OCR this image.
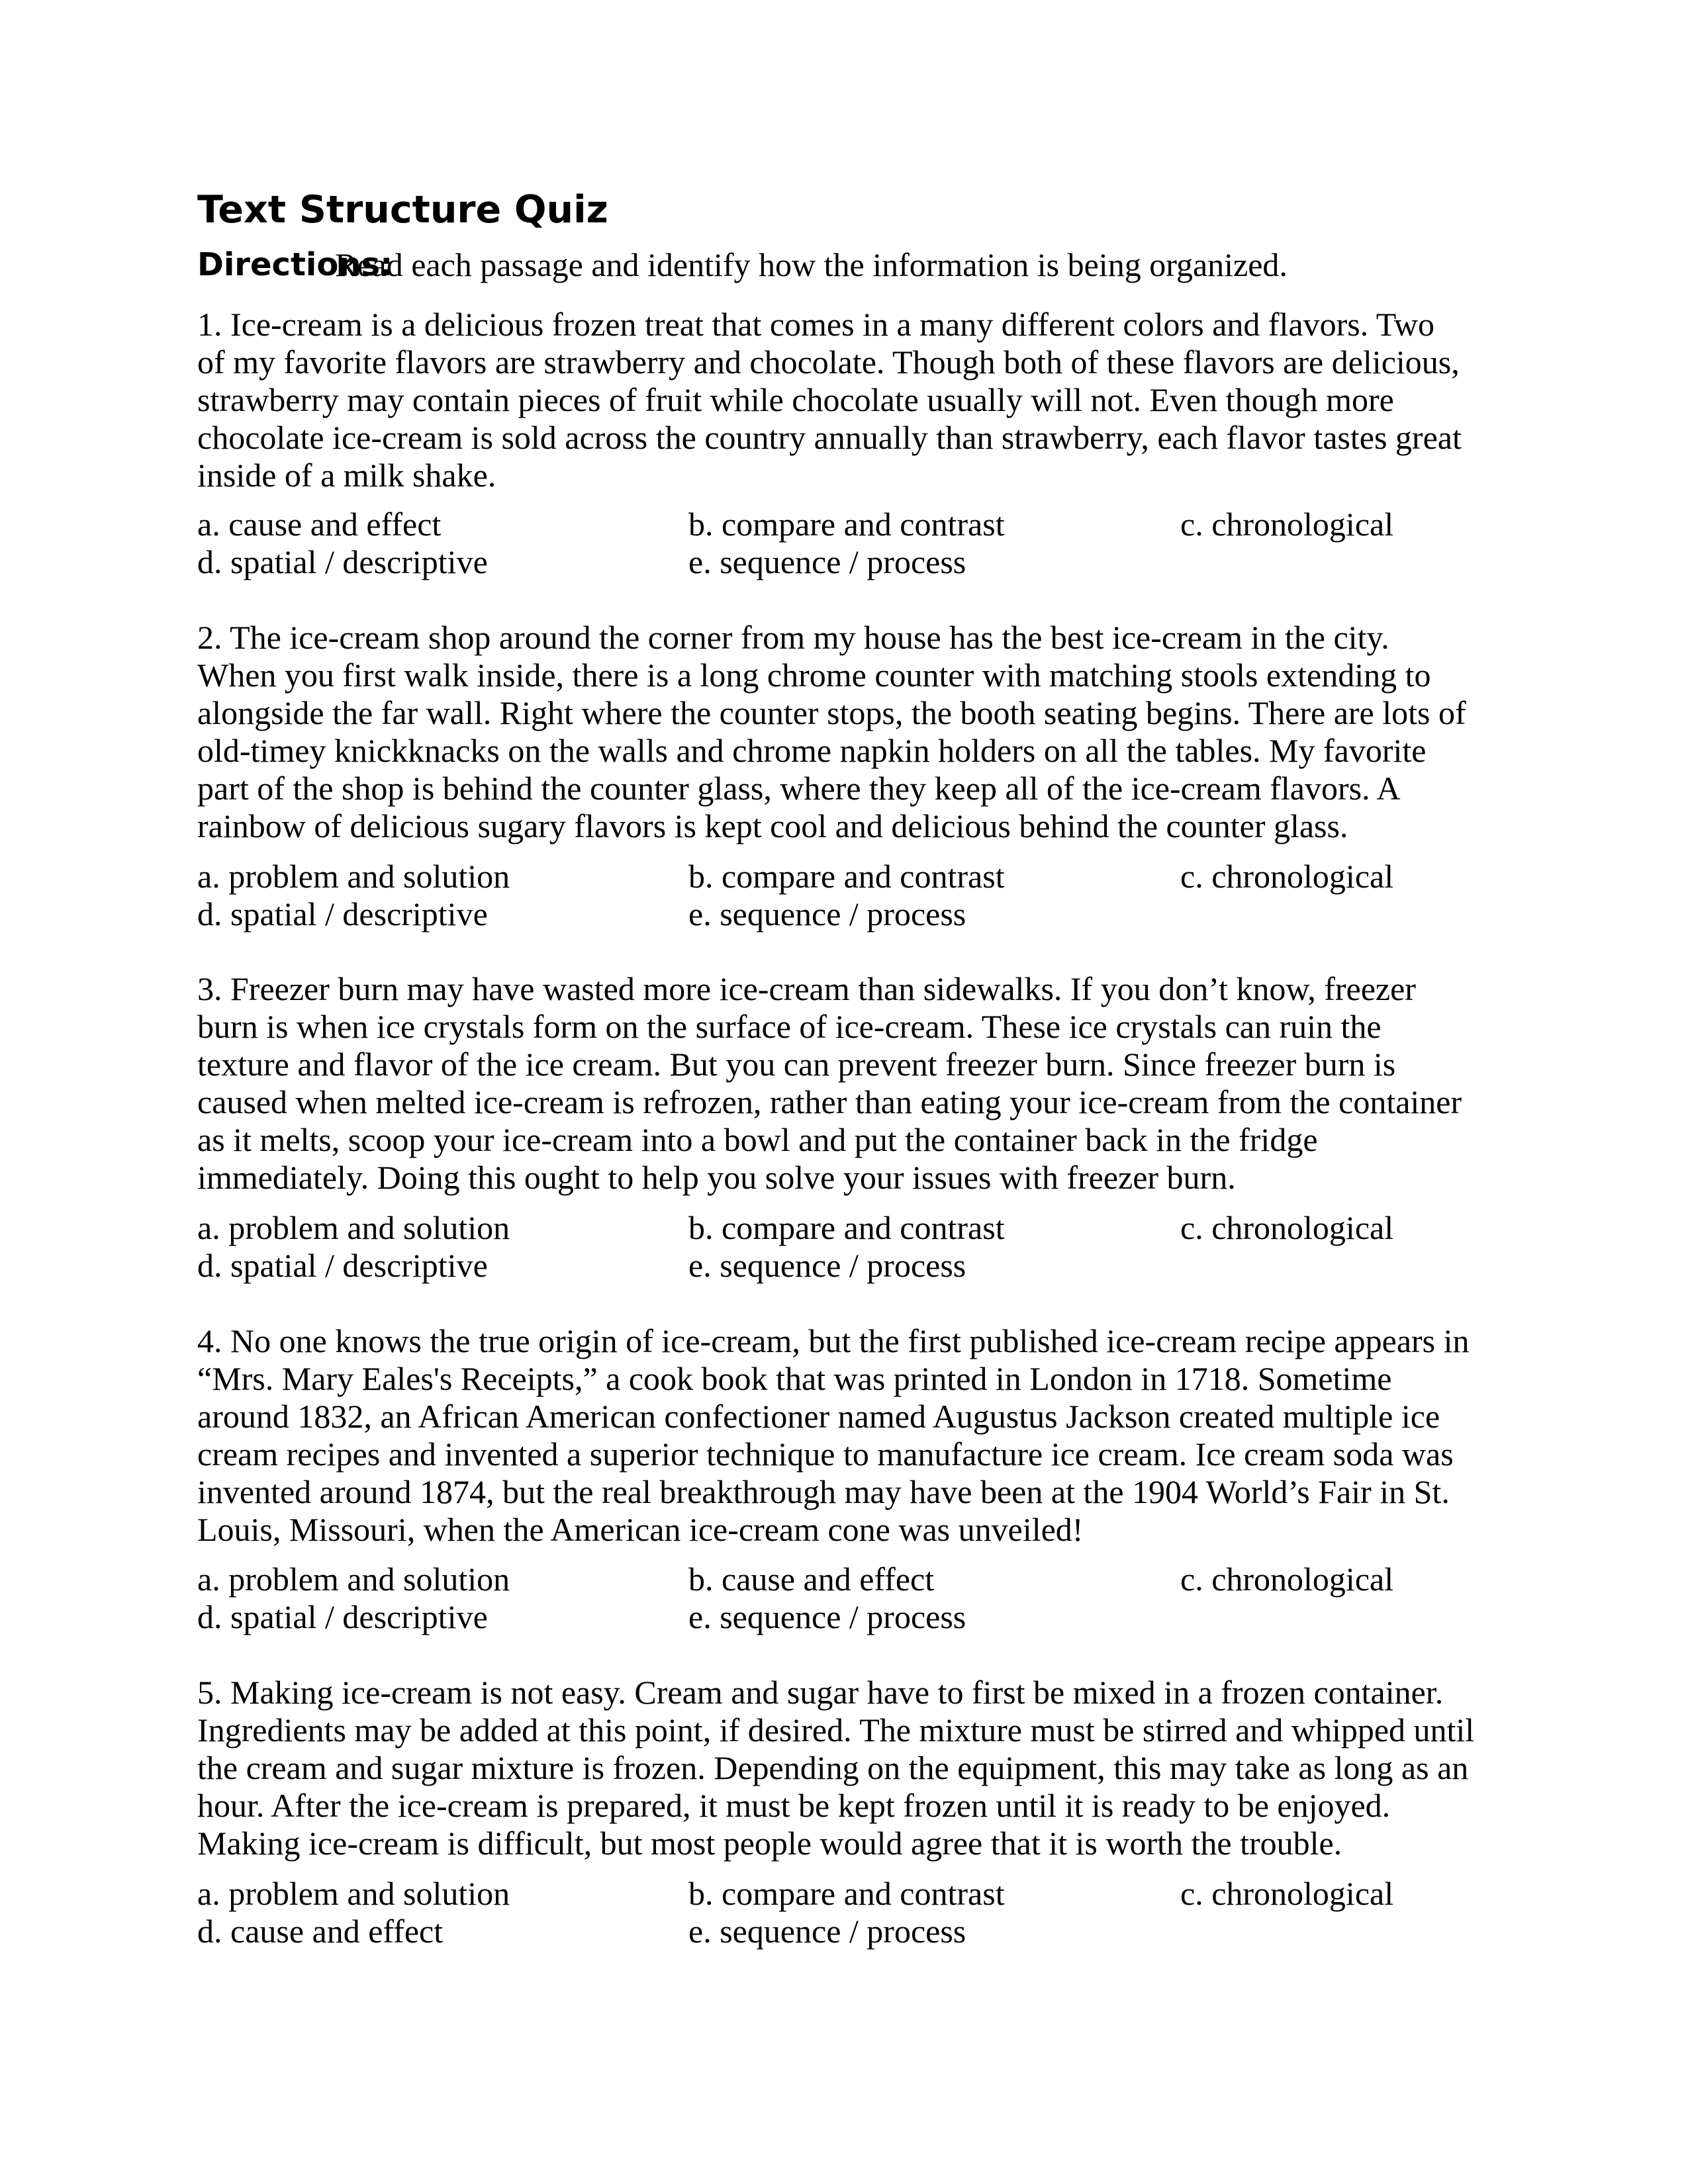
Text Structure Quiz
Directions:
Read each passage and identify how the information is being organized.
1. Ice-cream is a delicious frozen treat that comes in a many different colors and flavors. Two
of my favorite flavors are strawberry and chocolate. Though both of these flavors are delicious,
strawberry may contain pieces of fruit while chocolate usually will not. Even though more
chocolate ice-cream is sold across the country annually than strawberry, each flavor tastes great
inside of a milk shake.
a. cause and effect	b. compare and contrast	c. chronological
d. spatial / descriptive	e. sequence / process
2. The ice-cream shop around the corner from my house has the best ice-cream in the city.
When you first walk inside, there is a long chrome counter with matching stools extending to
alongside the far wall. Right where the counter stops, the booth seating begins. There are lots of
old-timey knickknacks on the walls and chrome napkin holders on all the tables. My favorite
part of the shop is behind the counter glass, where they keep all of the ice-cream flavors. A
rainbow of delicious sugary flavors is kept cool and delicious behind the counter glass.
a. problem and solution	b. compare and contrast	c. chronological
d. spatial / descriptive	e. sequence / process
3. Freezer burn may have wasted more ice-cream than sidewalks. If you don’t know, freezer
burn is when ice crystals form on the surface of ice-cream. These ice crystals can ruin the
texture and flavor of the ice cream. But you can prevent freezer burn. Since freezer burn is
caused when melted ice-cream is refrozen, rather than eating your ice-cream from the container
as it melts, scoop your ice-cream into a bowl and put the container back in the fridge
immediately. Doing this ought to help you solve your issues with freezer burn.
a. problem and solution	b. compare and contrast	c. chronological
d. spatial / descriptive	e. sequence / process
4. No one knows the true origin of ice-cream, but the first published ice-cream recipe appears in
“Mrs. Mary Eales's Receipts,” a cook book that was printed in London in 1718. Sometime
around 1832, an African American confectioner named Augustus Jackson created multiple ice
cream recipes and invented a superior technique to manufacture ice cream. Ice cream soda was
invented around 1874, but the real breakthrough may have been at the 1904 World’s Fair in St.
Louis, Missouri, when the American ice-cream cone was unveiled!
a. problem and solution	b. cause and effect	c. chronological
d. spatial / descriptive	e. sequence / process
5. Making ice-cream is not easy. Cream and sugar have to first be mixed in a frozen container.
Ingredients may be added at this point, if desired. The mixture must be stirred and whipped until
the cream and sugar mixture is frozen. Depending on the equipment, this may take as long as an
hour. After the ice-cream is prepared, it must be kept frozen until it is ready to be enjoyed.
Making ice-cream is difficult, but most people would agree that it is worth the trouble.
a. problem and solution	b. compare and contrast	c. chronological
d. cause and effect	e. sequence / process
